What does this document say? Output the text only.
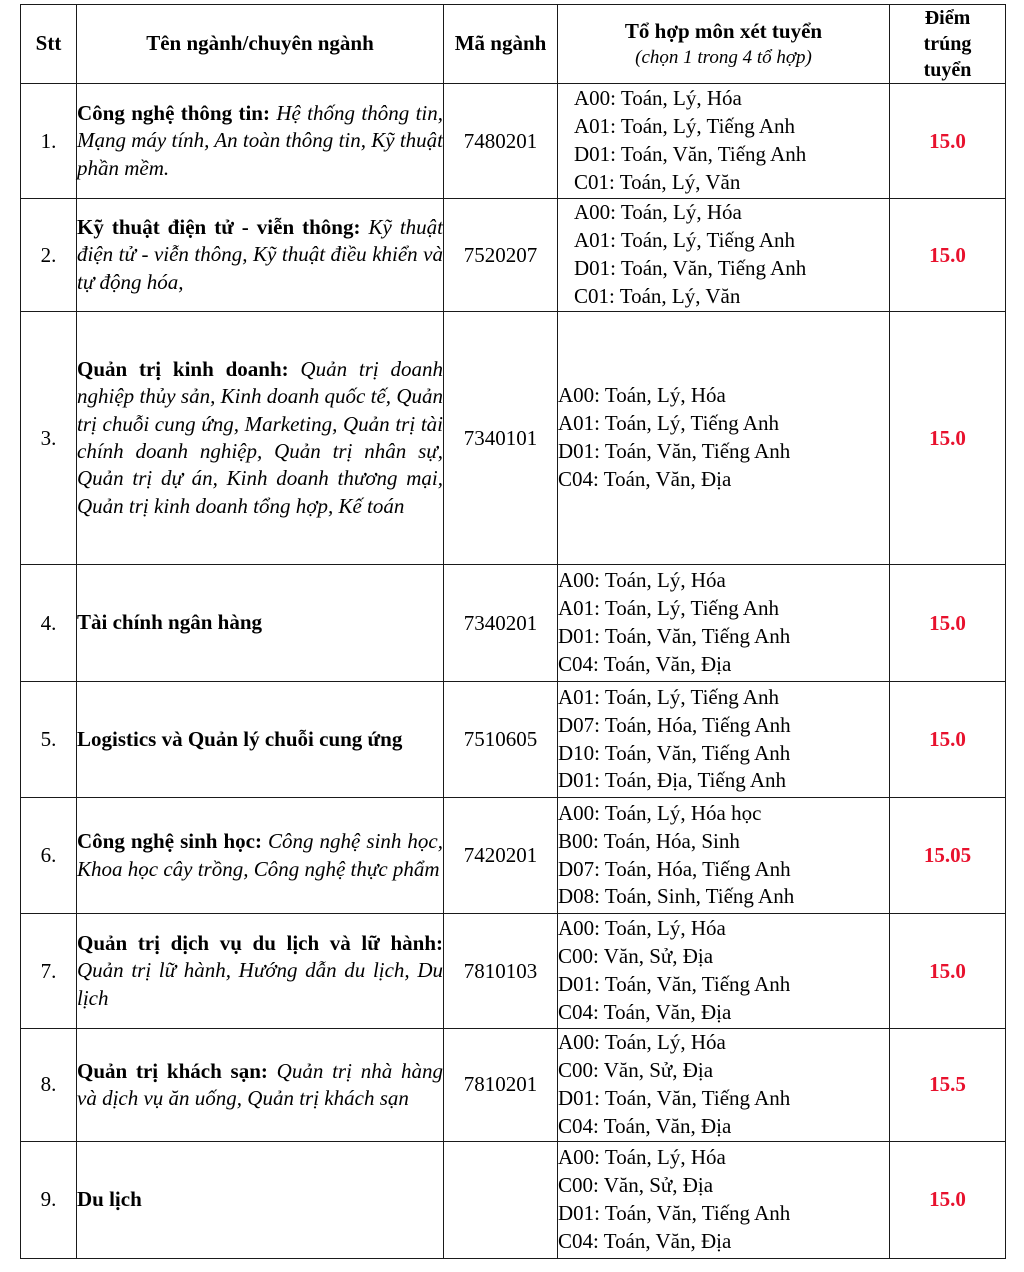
Stt	Tên ngành/chuyên ngành	Mã ngành	Tổ hợp môn xét tuyển
(chọn 1 trong 4 tổ hợp)	Điểm
trúng
tuyển

1.	Công nghệ thông tin: Hệ thống thông tin, Mạng máy tính, An toàn thông tin, Kỹ thuật phần mềm.	7480201	A00: Toán, Lý, Hóa
A01: Toán, Lý, Tiếng Anh
D01: Toán, Văn, Tiếng Anh
C01: Toán, Lý, Văn	15.0
2.	Kỹ thuật điện tử - viễn thông: Kỹ thuật điện tử - viễn thông, Kỹ thuật điều khiển và tự động hóa,	7520207	A00: Toán, Lý, Hóa
A01: Toán, Lý, Tiếng Anh
D01: Toán, Văn, Tiếng Anh
C01: Toán, Lý, Văn	15.0
3.	Quản trị kinh doanh: Quản trị doanh nghiệp thủy sản, Kinh doanh quốc tế, Quản trị chuỗi cung ứng, Marketing, Quản trị tài chính doanh nghiệp, Quản trị nhân sự, Quản trị dự án, Kinh doanh thương mại, Quản trị kinh doanh tổng hợp, Kế toán	7340101	
A00: Toán, Lý, Hóa
A01: Toán, Lý, Tiếng Anh
D01: Toán, Văn, Tiếng Anh
C04: Toán, Văn, Địa
	15.0
4.	Tài chính ngân hàng	7340201	A00: Toán, Lý, Hóa
A01: Toán, Lý, Tiếng Anh
D01: Toán, Văn, Tiếng Anh
C04: Toán, Văn, Địa	15.0
5.	Logistics và Quản lý chuỗi cung ứng	7510605	A01: Toán, Lý, Tiếng Anh
D07: Toán, Hóa, Tiếng Anh
D10: Toán, Văn, Tiếng Anh
D01: Toán, Địa, Tiếng Anh	15.0
6.	Công nghệ sinh học: Công nghệ sinh học, Khoa học cây trồng, Công nghệ thực phẩm	7420201	A00: Toán, Lý, Hóa học
B00: Toán, Hóa, Sinh
D07: Toán, Hóa, Tiếng Anh
D08: Toán, Sinh, Tiếng Anh	15.05
7.	Quản trị dịch vụ du lịch và lữ hành: Quản trị lữ hành, Hướng dẫn du lịch, Du lịch	7810103	A00: Toán, Lý, Hóa
C00: Văn, Sử, Địa
D01: Toán, Văn, Tiếng Anh
C04: Toán, Văn, Địa	15.0
8.	Quản trị khách sạn: Quản trị nhà hàng và dịch vụ ăn uống, Quản trị khách sạn	7810201	A00: Toán, Lý, Hóa
C00: Văn, Sử, Địa
D01: Toán, Văn, Tiếng Anh
C04: Toán, Văn, Địa	15.5
9.	Du lịch		A00: Toán, Lý, Hóa
C00: Văn, Sử, Địa
D01: Toán, Văn, Tiếng Anh
C04: Toán, Văn, Địa	15.0
